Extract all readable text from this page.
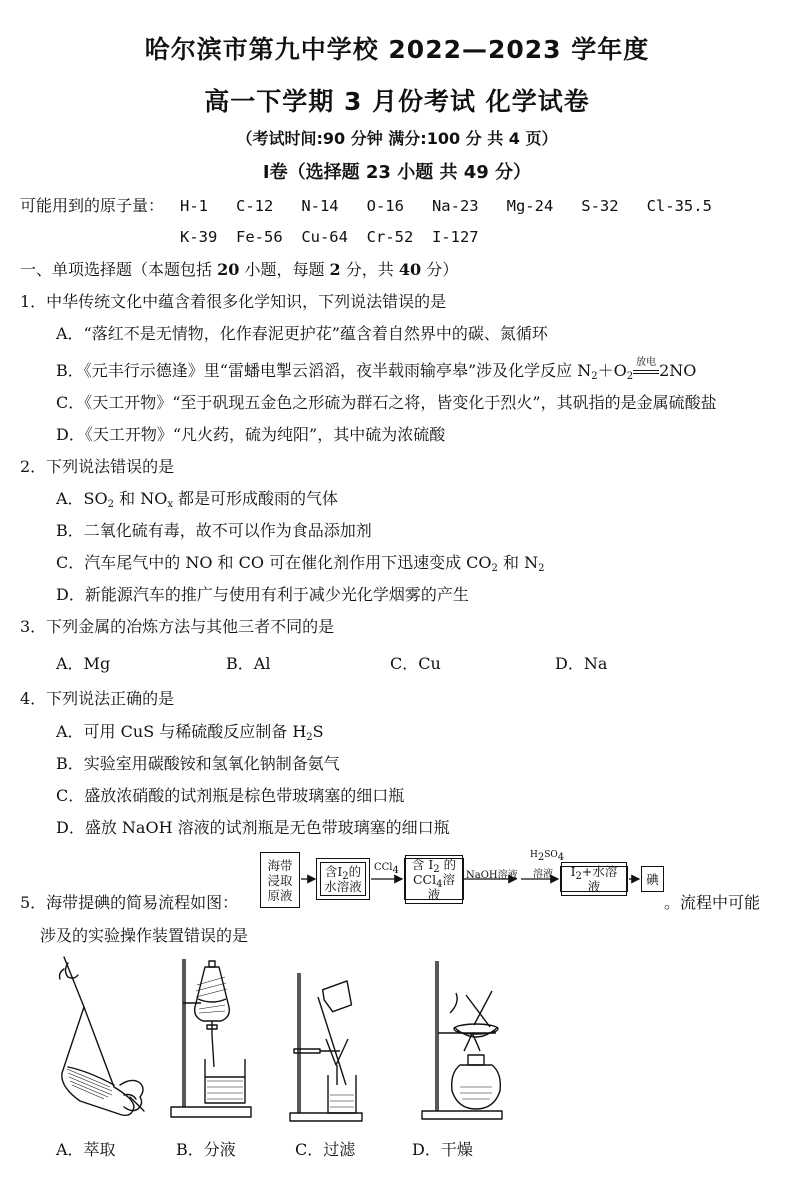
哈尔滨市第九中学校 2022—2023 学年度
高一下学期 3 月份考试 化学试卷
（考试时间:90 分钟 满分:100 分 共 4 页）
Ⅰ卷（选择题 23 小题 共 49 分）
可能用到的原子量： H-1   C-12   N-14   O-16   Na-23   Mg-24   S-32   Cl-35.5
K-39  Fe-56  Cu-64  Cr-52  I-127
一、单项选择题（本题包括 20 小题，每题 2 分，共 40 分）
1．中华传统文化中蕴含着很多化学知识，下列说法错误的是
A．“落红不是无情物，化作春泥更护花”蕴含着自然界中的碳、氮循环
B．《元丰行示德逢》里“雷蟠电掣云滔滔，夜半载雨输亭皋”涉及化学反应 $N_2+O_2$
放电 2NO
C．《天工开物》“至于矾现五金色之形硫为群石之将，皆变化于烈火”，其矾指的是金属硫酸盐
D．《天工开物》“凡火药，硫为纯阳”，其中硫为浓硫酸
2．下列说法错误的是
A．$SO_2$ 和 $NO_x$ 都是可形成酸雨的气体
B．二氧化硫有毒，故不可以作为食品添加剂
C．汽车尾气中的 NO 和 CO 可在催化剂作用下迅速变成 $CO_2$ 和 $N_2$
D．新能源汽车的推广与使用有利于减少光化学烟雾的产生
3．下列金属的冶炼方法与其他三者不同的是
A．Mg	B．Al	C．Cu	D．Na
4．下列说法正确的是
A．可用 CuS 与稀硫酸反应制备 $H_2S$
B．实验室用碳酸铵和氢氧化钠制备氨气
C．盛放浓硝酸的试剂瓶是棕色带玻璃塞的细口瓶
D．盛放 NaOH 溶液的试剂瓶是无色带玻璃塞的细口瓶
5．海带提碘的简易流程如图：	。流程中可能
涉及的实验操作装置错误的是
海带浸取原液
含$I_2$的
水溶液
CCl$_4$	含 $I_2$ 的
CCl$_4$溶液
NaOH溶液
$H_2SO_4$
溶液	$I_2+$水溶液	碘
A．萃取	B．分液	C．过滤	D．干燥
